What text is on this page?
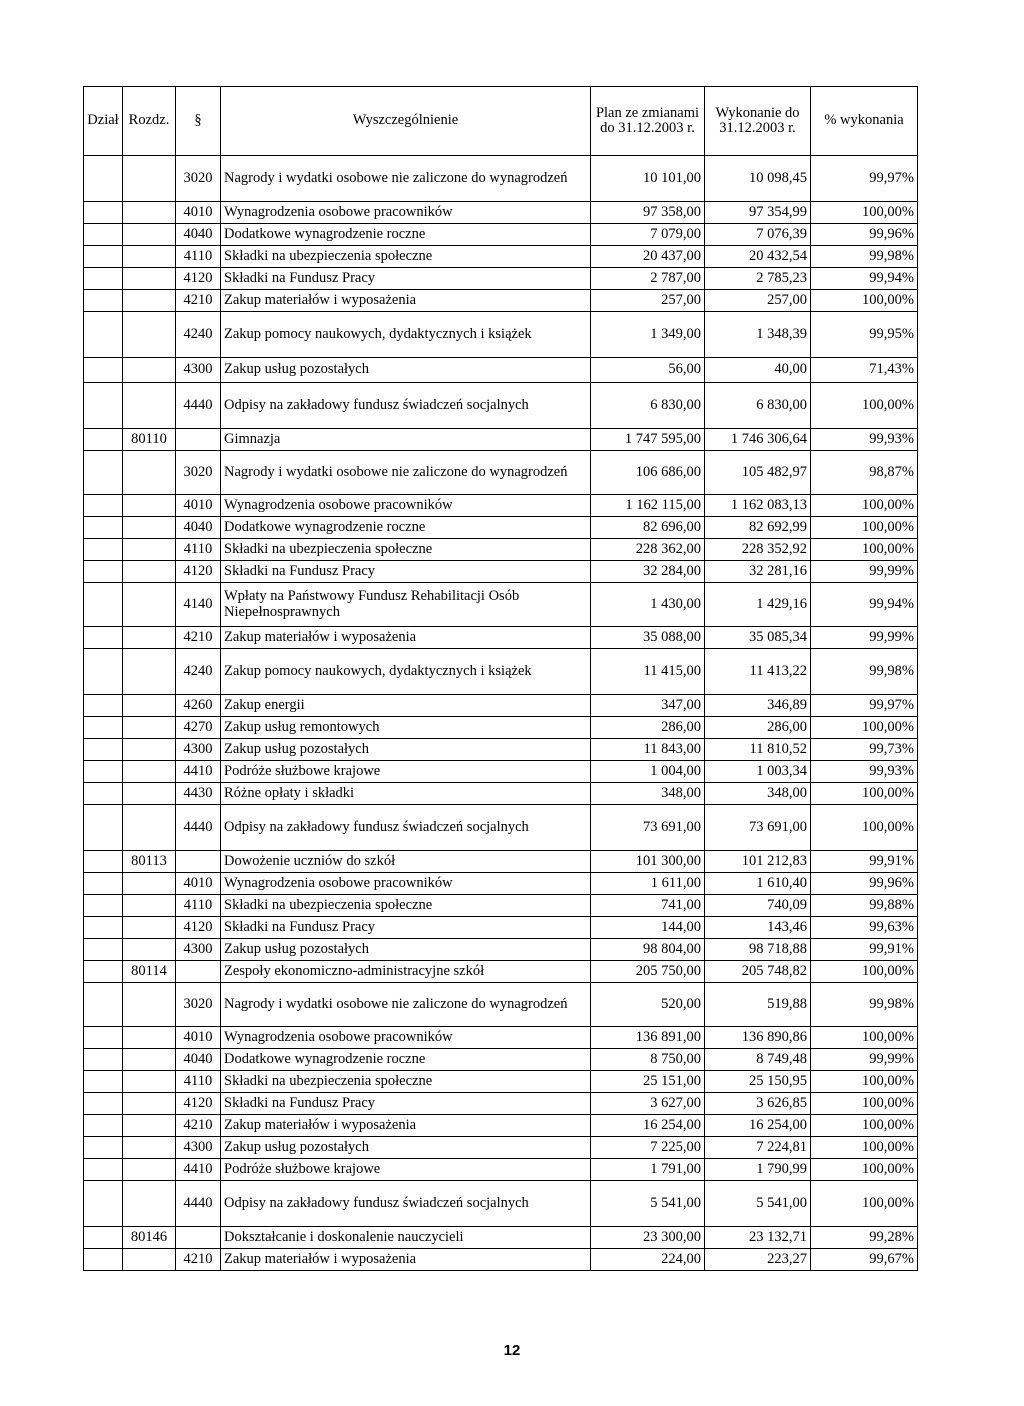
Dział	Rozdz.	§	Wyszczególnienie	Plan ze zmianami do 31.12.2003 r.	Wykonanie do 31.12.2003 r.	% wykonania
		3020	Nagrody i wydatki osobowe nie zaliczone do wynagrodzeń	10 101,00	10 098,45	99,97%
		4010	Wynagrodzenia osobowe pracowników	97 358,00	97 354,99	100,00%
		4040	Dodatkowe wynagrodzenie roczne	7 079,00	7 076,39	99,96%
		4110	Składki na ubezpieczenia społeczne	20 437,00	20 432,54	99,98%
		4120	Składki na Fundusz Pracy	2 787,00	2 785,23	99,94%
		4210	Zakup materiałów i wyposażenia	257,00	257,00	100,00%
		4240	Zakup pomocy naukowych, dydaktycznych i książek	1 349,00	1 348,39	99,95%
		4300	Zakup usług pozostałych	56,00	40,00	71,43%
		4440	Odpisy na zakładowy fundusz świadczeń socjalnych	6 830,00	6 830,00	100,00%
	80110		Gimnazja	1 747 595,00	1 746 306,64	99,93%
		3020	Nagrody i wydatki osobowe nie zaliczone do wynagrodzeń	106 686,00	105 482,97	98,87%
		4010	Wynagrodzenia osobowe pracowników	1 162 115,00	1 162 083,13	100,00%
		4040	Dodatkowe wynagrodzenie roczne	82 696,00	82 692,99	100,00%
		4110	Składki na ubezpieczenia społeczne	228 362,00	228 352,92	100,00%
		4120	Składki na Fundusz Pracy	32 284,00	32 281,16	99,99%
		4140	Wpłaty na Państwowy Fundusz Rehabilitacji Osób Niepełnosprawnych	1 430,00	1 429,16	99,94%
		4210	Zakup materiałów i wyposażenia	35 088,00	35 085,34	99,99%
		4240	Zakup pomocy naukowych, dydaktycznych i książek	11 415,00	11 413,22	99,98%
		4260	Zakup energii	347,00	346,89	99,97%
		4270	Zakup usług remontowych	286,00	286,00	100,00%
		4300	Zakup usług pozostałych	11 843,00	11 810,52	99,73%
		4410	Podróże służbowe krajowe	1 004,00	1 003,34	99,93%
		4430	Różne opłaty i składki	348,00	348,00	100,00%
		4440	Odpisy na zakładowy fundusz świadczeń socjalnych	73 691,00	73 691,00	100,00%
	80113		Dowożenie uczniów do szkół	101 300,00	101 212,83	99,91%
		4010	Wynagrodzenia osobowe pracowników	1 611,00	1 610,40	99,96%
		4110	Składki na ubezpieczenia społeczne	741,00	740,09	99,88%
		4120	Składki na Fundusz Pracy	144,00	143,46	99,63%
		4300	Zakup usług pozostałych	98 804,00	98 718,88	99,91%
	80114		Zespoły ekonomiczno-administracyjne szkół	205 750,00	205 748,82	100,00%
		3020	Nagrody i wydatki osobowe nie zaliczone do wynagrodzeń	520,00	519,88	99,98%
		4010	Wynagrodzenia osobowe pracowników	136 891,00	136 890,86	100,00%
		4040	Dodatkowe wynagrodzenie roczne	8 750,00	8 749,48	99,99%
		4110	Składki na ubezpieczenia społeczne	25 151,00	25 150,95	100,00%
		4120	Składki na Fundusz Pracy	3 627,00	3 626,85	100,00%
		4210	Zakup materiałów i wyposażenia	16 254,00	16 254,00	100,00%
		4300	Zakup usług pozostałych	7 225,00	7 224,81	100,00%
		4410	Podróże służbowe krajowe	1 791,00	1 790,99	100,00%
		4440	Odpisy na zakładowy fundusz świadczeń socjalnych	5 541,00	5 541,00	100,00%
	80146		Dokształcanie i doskonalenie nauczycieli	23 300,00	23 132,71	99,28%
		4210	Zakup materiałów i wyposażenia	224,00	223,27	99,67%
12
